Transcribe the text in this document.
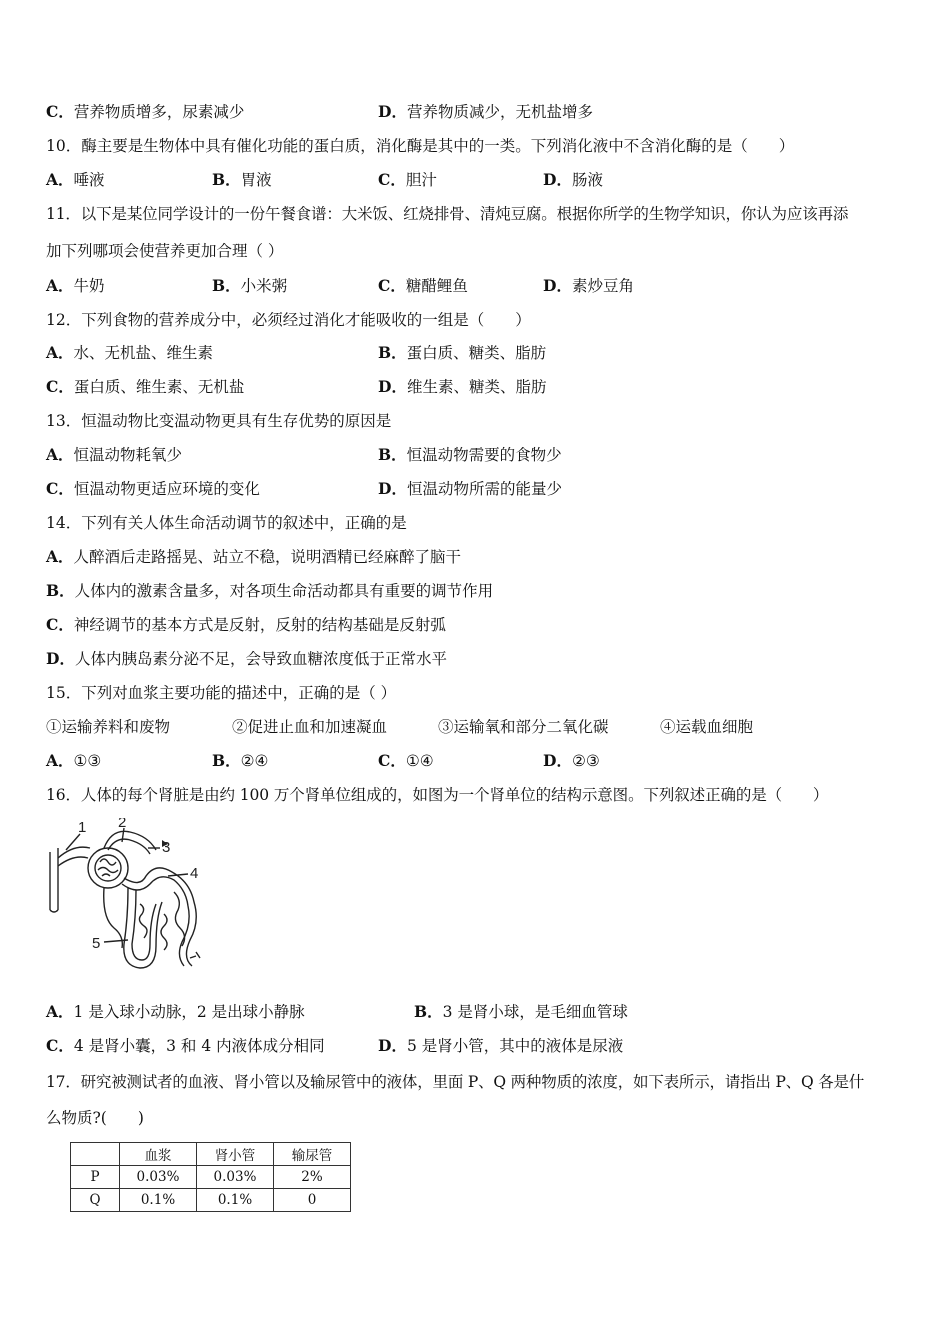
C．营养物质增多，尿素减少	D．营养物质减少，无机盐增多
10．酶主要是生物体中具有催化功能的蛋白质，消化酶是其中的一类。下列消化液中不含消化酶的是（　　）
A．唾液	B．胃液	C．胆汁	D．肠液
11．以下是某位同学设计的一份午餐食谱：大米饭、红烧排骨、清炖豆腐。根据你所学的生物学知识，你认为应该再添
加下列哪项会使营养更加合理（ ）
A．牛奶	B．小米粥	C．糖醋鲤鱼	D．素炒豆角
12．下列食物的营养成分中，必须经过消化才能吸收的一组是（　　）
A．水、无机盐、维生素	B．蛋白质、糖类、脂肪
C．蛋白质、维生素、无机盐	D．维生素、糖类、脂肪
13．恒温动物比变温动物更具有生存优势的原因是
A．恒温动物耗氧少	B．恒温动物需要的食物少
C．恒温动物更适应环境的变化	D．恒温动物所需的能量少
14．下列有关人体生命活动调节的叙述中，正确的是
A．人醉酒后走路摇晃、站立不稳，说明酒精已经麻醉了脑干
B．人体内的激素含量多，对各项生命活动都具有重要的调节作用
C．神经调节的基本方式是反射，反射的结构基础是反射弧
D．人体内胰岛素分泌不足，会导致血糖浓度低于正常水平
15．下列对血浆主要功能的描述中，正确的是（ ）
①运输养料和废物	②促进止血和加速凝血	③运输氧和部分二氧化碳	④运载血细胞
A．①③	B．②④	C．①④	D．②③
16．人体的每个肾脏是由约 100 万个肾单位组成的，如图为一个肾单位的结构示意图。下列叙述正确的是（　　）
1 2
3
4
5
A．1 是入球小动脉，2 是出球小静脉	B．3 是肾小球，是毛细血管球
C．4 是肾小囊，3 和 4 内液体成分相同	D．5 是肾小管，其中的液体是尿液
17．研究被测试者的血液、肾小管以及输尿管中的液体，里面 P、Q 两种物质的浓度，如下表所示，请指出 P、Q 各是什
么物质?(　　)
	血浆	肾小管	输尿管
P	0.03%	0.03%	2%
Q	0.1%	0.1%	0
